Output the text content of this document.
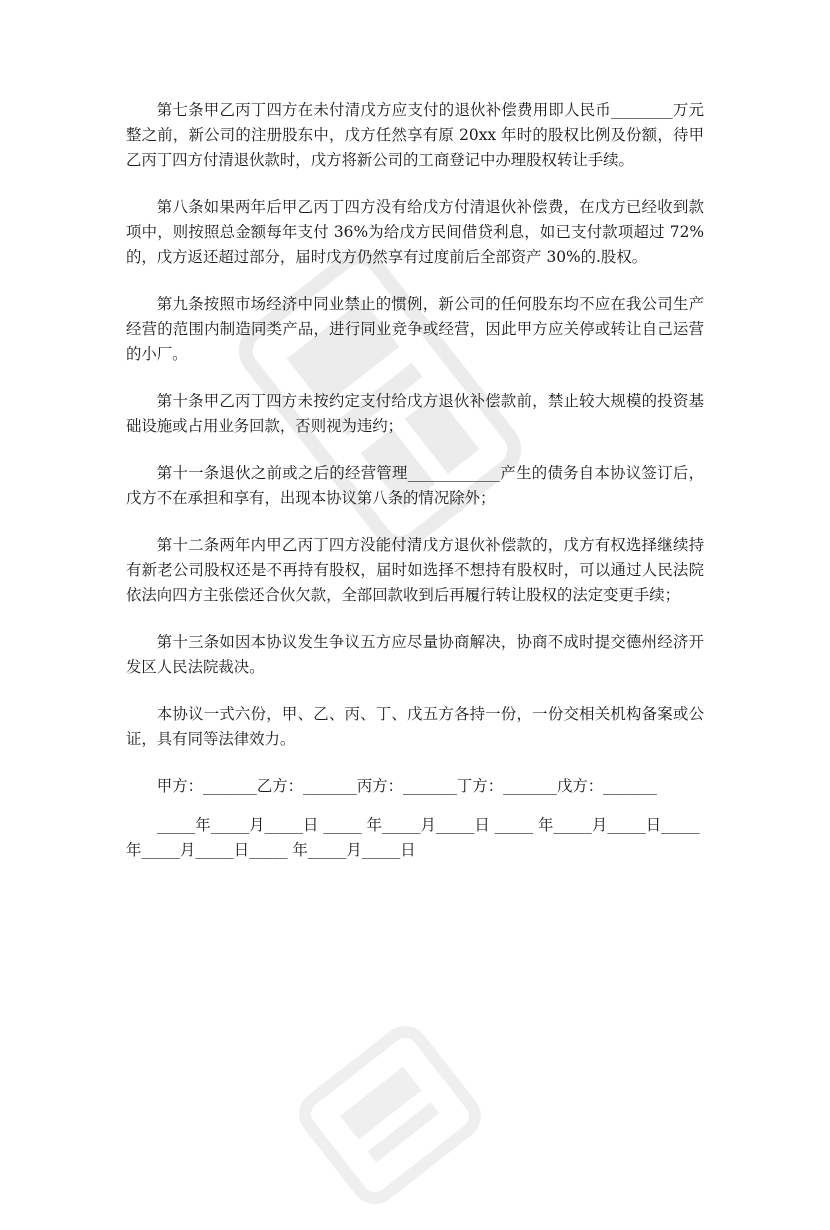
第七条甲乙丙丁四方在未付清戊方应支付的退伙补偿费用即人民币________万元整之前，新公司的注册股东中，戊方任然享有原 20xx 年时的股权比例及份额，待甲乙丙丁四方付清退伙款时，戊方将新公司的工商登记中办理股权转让手续。

第八条如果两年后甲乙丙丁四方没有给戊方付清退伙补偿费，在戊方已经收到款项中，则按照总金额每年支付 36%为给戊方民间借贷利息，如已支付款项超过 72%的，戊方返还超过部分，届时戊方仍然享有过度前后全部资产 30%的.股权。

第九条按照市场经济中同业禁止的惯例，新公司的任何股东均不应在我公司生产经营的范围内制造同类产品，进行同业竞争或经营，因此甲方应关停或转让自己运营的小厂。

第十条甲乙丙丁四方未按约定支付给戊方退伙补偿款前，禁止较大规模的投资基础设施或占用业务回款，否则视为违约；

第十一条退伙之前或之后的经营管理____________产生的债务自本协议签订后，戊方不在承担和享有，出现本协议第八条的情况除外；

第十二条两年内甲乙丙丁四方没能付清戊方退伙补偿款的，戊方有权选择继续持有新老公司股权还是不再持有股权，届时如选择不想持有股权时，可以通过人民法院依法向四方主张偿还合伙欠款，全部回款收到后再履行转让股权的法定变更手续；

第十三条如因本协议发生争议五方应尽量协商解决，协商不成时提交德州经济开发区人民法院裁决。

本协议一式六份，甲、乙、丙、丁、戊五方各持一份，一份交相关机构备案或公证，具有同等法律效力。

甲方：_______乙方：_______丙方：_______丁方：_______戊方：_______

_____年_____月_____日 _____ 年_____月_____日 _____ 年_____月_____日_____ 年_____月_____日_____ 年_____月_____日
